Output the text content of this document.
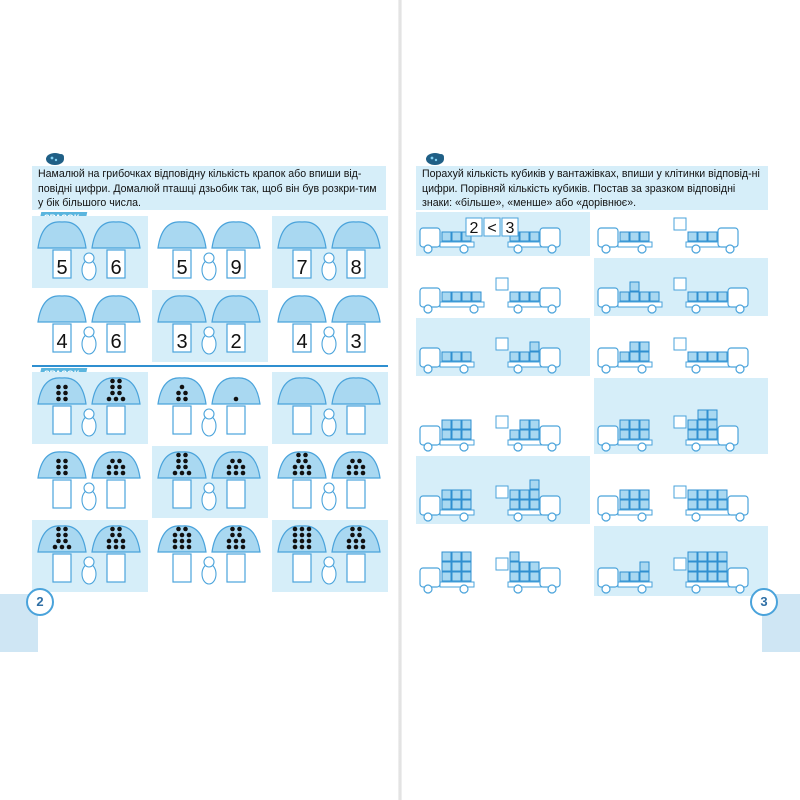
Намалюй на грибочках відповідну кількість крапок або впиши від-повідні цифри. Домалюй пташці дзьобик так, щоб він був розкри-тим у бік більшого числа.
5 6	5 9	7 8
4 6	3 2	4 3
2
Порахуй кількість кубиків у вантажівках, впиши у клітинки відповід-ні цифри. Порівняй кількість кубиків. Постав за зразком відповідні знаки: «більше», «менше» або «дорівнює».
2 < 3
3
